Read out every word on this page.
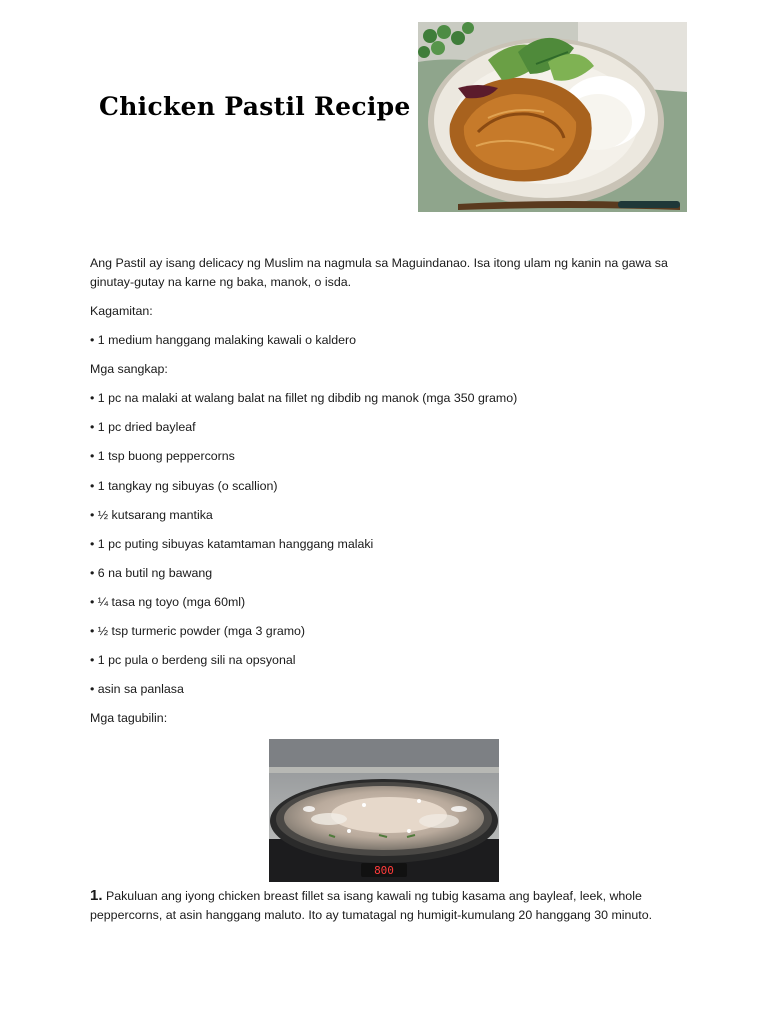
Chicken Pastil Recipe

Ang Pastil ay isang delicacy ng Muslim na nagmula sa Maguindanao. Isa itong ulam ng kanin na gawa sa ginutay-gutay na karne ng baka, manok, o isda.

Kagamitan:

• 1 medium hanggang malaking kawali o kaldero

Mga sangkap:

• 1 pc na malaki at walang balat na fillet ng dibdib ng manok (mga 350 gramo)

• 1 pc dried bayleaf

• 1 tsp buong peppercorns

• 1 tangkay ng sibuyas (o scallion)

• ½ kutsarang mantika

• 1 pc puting sibuyas katamtaman hanggang malaki

• 6 na butil ng bawang

• ¼ tasa ng toyo (mga 60ml)

• ½ tsp turmeric powder (mga 3 gramo)

• 1 pc pula o berdeng sili na opsyonal

• asin sa panlasa

Mga tagubilin:

800

1. Pakuluan ang iyong chicken breast fillet sa isang kawali ng tubig kasama ang bayleaf, leek, whole peppercorns, at asin hanggang maluto. Ito ay tumatagal ng humigit-kumulang 20 hanggang 30 minuto.
